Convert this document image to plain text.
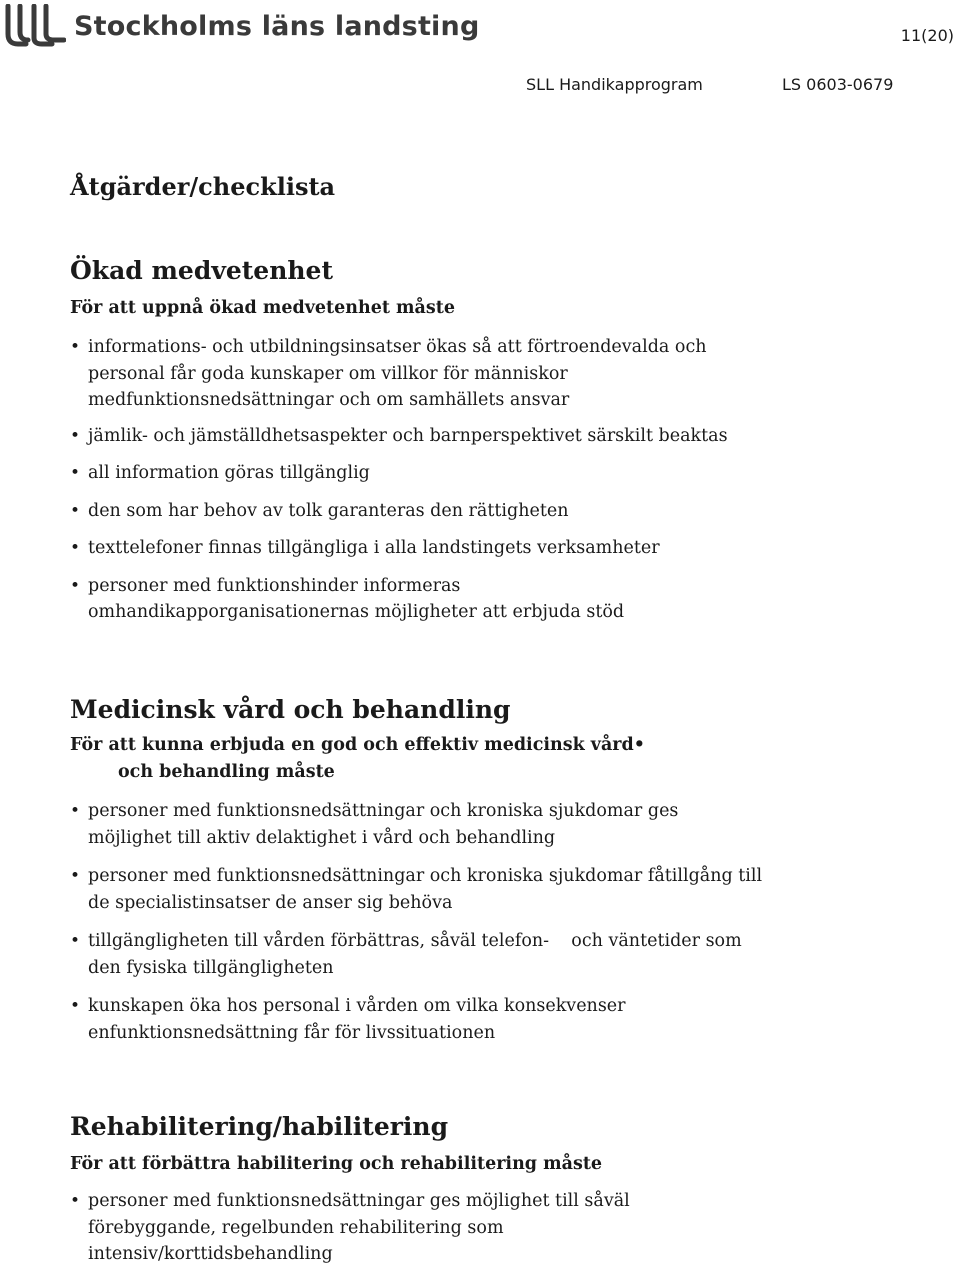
Stockholms läns landsting	11(20)
SLL Handikapprogram	LS 0603-0679
Åtgärder/checklista
Ökad medvetenhet

För att uppnå ökad medvetenhet måste

• informations- och utbildningsinsatser ökas så att förtroendevalda och personal får goda kunskaper om villkor för människor medfunktionsnedsättningar och om samhällets ansvar
• jämlik- och jämställdhetsaspekter och barnperspektivet särskilt beaktas
• all information göras tillgänglig
• den som har behov av tolk garanteras den rättigheten
• texttelefoner finnas tillgängliga i alla landstingets verksamheter
• personer med funktionshinder informeras omhandikapporganisationernas möjligheter att erbjuda stöd
Medicinsk vård och behandling

För att kunna erbjuda en god och effektiv medicinsk vård•
och behandling måste

• personer med funktionsnedsättningar och kroniska sjukdomar ges möjlighet till aktiv delaktighet i vård och behandling
• personer med funktionsnedsättningar och kroniska sjukdomar fåtillgång till de specialistinsatser de anser sig behöva
• tillgängligheten till vården förbättras, såväl telefon-    och väntetider som den fysiska tillgängligheten
• kunskapen öka hos personal i vården om vilka konsekvenser enfunktionsnedsättning får för livssituationen
Rehabilitering/habilitering

För att förbättra habilitering och rehabilitering måste

• personer med funktionsnedsättningar ges möjlighet till såväl förebyggande, regelbunden rehabilitering som intensiv/korttidsbehandling
